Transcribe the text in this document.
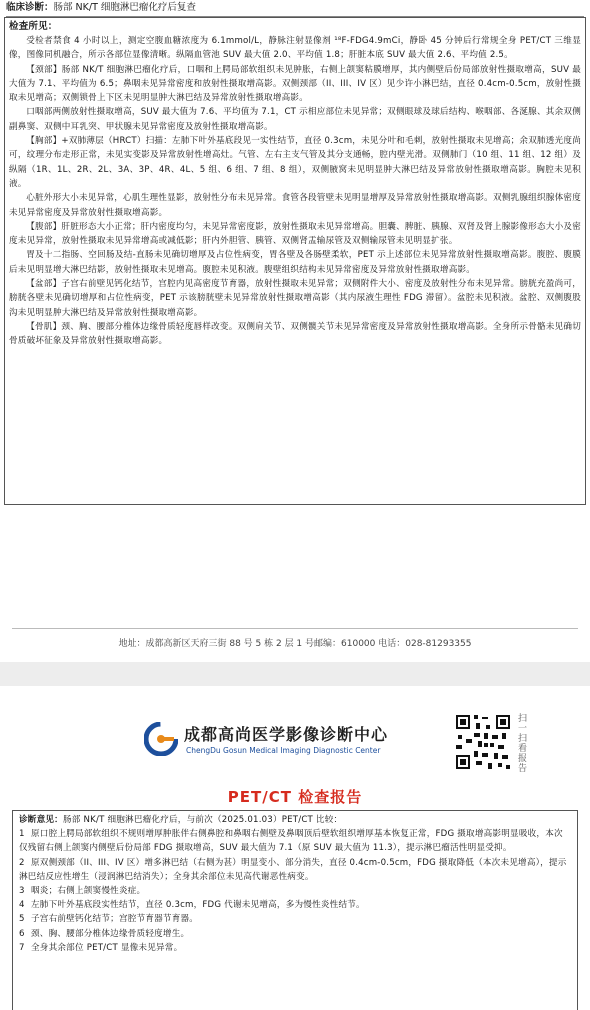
临床诊断：肠部 NK/T 细胞淋巴瘤化疗后复查

检查所见：

受检者禁食 4 小时以上，测定空腹血糖浓度为 6.1mmol/L，静脉注射显像剂 ¹⁸F-FDG4.9mCi，静卧 45 分钟后行常规全身 PET/CT 三维显像，图像同机融合，所示各部位显像清晰。纵隔血管池 SUV 最大值 2.0、平均值 1.8；肝脏本底 SUV 最大值 2.6、平均值 2.5。

【颈部】肠部 NK/T 细胞淋巴瘤化疗后，口咽和上腭局部软组织未见肿胀，右侧上颌窦粘膜增厚，其内侧壁后份局部放射性摄取增高，SUV 最大值为 7.1、平均值为 6.5；鼻咽未见异常密度和放射性摄取增高影。双侧颈部（II、III、IV 区）见少许小淋巴结，直径 0.4cm-0.5cm，放射性摄取未见增高；双侧锁骨上下区未见明显肿大淋巴结及异常放射性摄取增高影。

口咽部两侧放射性摄取增高，SUV 最大值为 7.6、平均值为 7.1，CT 示相应部位未见异常；双侧眼球及球后结构、喉咽部、各涎腺、其余双侧副鼻窦、双侧中耳乳突、甲状腺未见异常密度及放射性摄取增高影。

【胸部】+双肺薄层（HRCT）扫描：左肺下叶外基底段见一实性结节，直径 0.3cm，未见分叶和毛刺，放射性摄取未见增高；余双肺透光度尚可，纹理分布走形正常，未见实变影及异常放射性增高灶。气管、左右主支气管及其分支通畅，腔内壁光滑。双侧肺门（10 组、11 组、12 组）及纵隔（1R、1L、2R、2L、3A、3P、4R、4L、5 组、6 组、7 组、8 组），双侧腋窝未见明显肿大淋巴结及异常放射性摄取增高影。胸腔未见积液。

心脏外形大小未见异常，心肌生理性显影，放射性分布未见异常。食管各段管壁未见明显增厚及异常放射性摄取增高影。双侧乳腺组织腺体密度未见异常密度及异常放射性摄取增高影。

【腹部】肝脏形态大小正常；肝内密度均匀，未见异常密度影，放射性摄取未见异常增高。胆囊、脾脏、胰腺、双肾及肾上腺影像形态大小及密度未见异常，放射性摄取未见异常增高或减低影；肝内外胆管、胰管、双侧肾盂输尿管及双侧输尿管未见明显扩张。

胃及十二指肠、空回肠及结-直肠未见确切增厚及占位性病变，胃各壁及各肠壁柔软，PET 示上述部位未见异常放射性摄取增高影。腹腔、腹膜后未见明显增大淋巴结影，放射性摄取未见增高。腹腔未见积液。腹壁组织结构未见异常密度及异常放射性摄取增高影。

【盆部】子宫右前壁见钙化结节，宫腔内见高密度节育器，放射性摄取未见异常；双侧附件大小、密度及放射性分布未见异常。膀胱充盈尚可，膀胱各壁未见确切增厚和占位性病变，PET 示该膀胱壁未见异常放射性摄取增高影（其内尿液生理性 FDG 滞留）。盆腔未见积液。盆腔、双侧腹股沟未见明显肿大淋巴结及异常放射性摄取增高影。

【骨肌】颈、胸、腰部分椎体边缘骨质轻度唇样改变。双侧肩关节、双侧髋关节未见异常密度及异常放射性摄取增高影。全身所示骨骼未见确切骨质破坏征象及异常放射性摄取增高影。

地址：成都高新区天府三街 88 号 5 栋 2 层 1 号邮编：610000 电话：028-81293355
成都高尚医学影像诊断中心
ChengDu Gosun Medical Imaging Diagnostic Center
扫一扫看报告
PET/CT 检查报告

诊断意见：肠部 NK/T 细胞淋巴瘤化疗后，与前次（2025.01.03）PET/CT 比较：

1 原口腔上腭局部软组织不规则增厚肿胀伴右侧鼻腔和鼻咽右侧壁及鼻咽顶后壁软组织增厚基本恢复正常，FDG 摄取增高影明显吸收，本次仅残留右侧上颌窦内侧壁后份局部 FDG 摄取增高，SUV 最大值为 7.1（原 SUV 最大值为 11.3），提示淋巴瘤活性明显受抑。

2 原双侧颈部（II、III、IV 区）增多淋巴结（右侧为甚）明显变小、部分消失，直径 0.4cm-0.5cm，FDG 摄取降低（本次未见增高），提示淋巴结反应性增生（浸润淋巴结消失）；全身其余部位未见高代谢恶性病变。

3 咽炎；右侧上颌窦慢性炎症。

4 左肺下叶外基底段实性结节，直径 0.3cm，FDG 代谢未见增高，多为慢性炎性结节。

5 子宫右前壁钙化结节；宫腔节育器节育器。

6 颈、胸、腰部分椎体边缘骨质轻度增生。

7 全身其余部位 PET/CT 显像未见异常。
